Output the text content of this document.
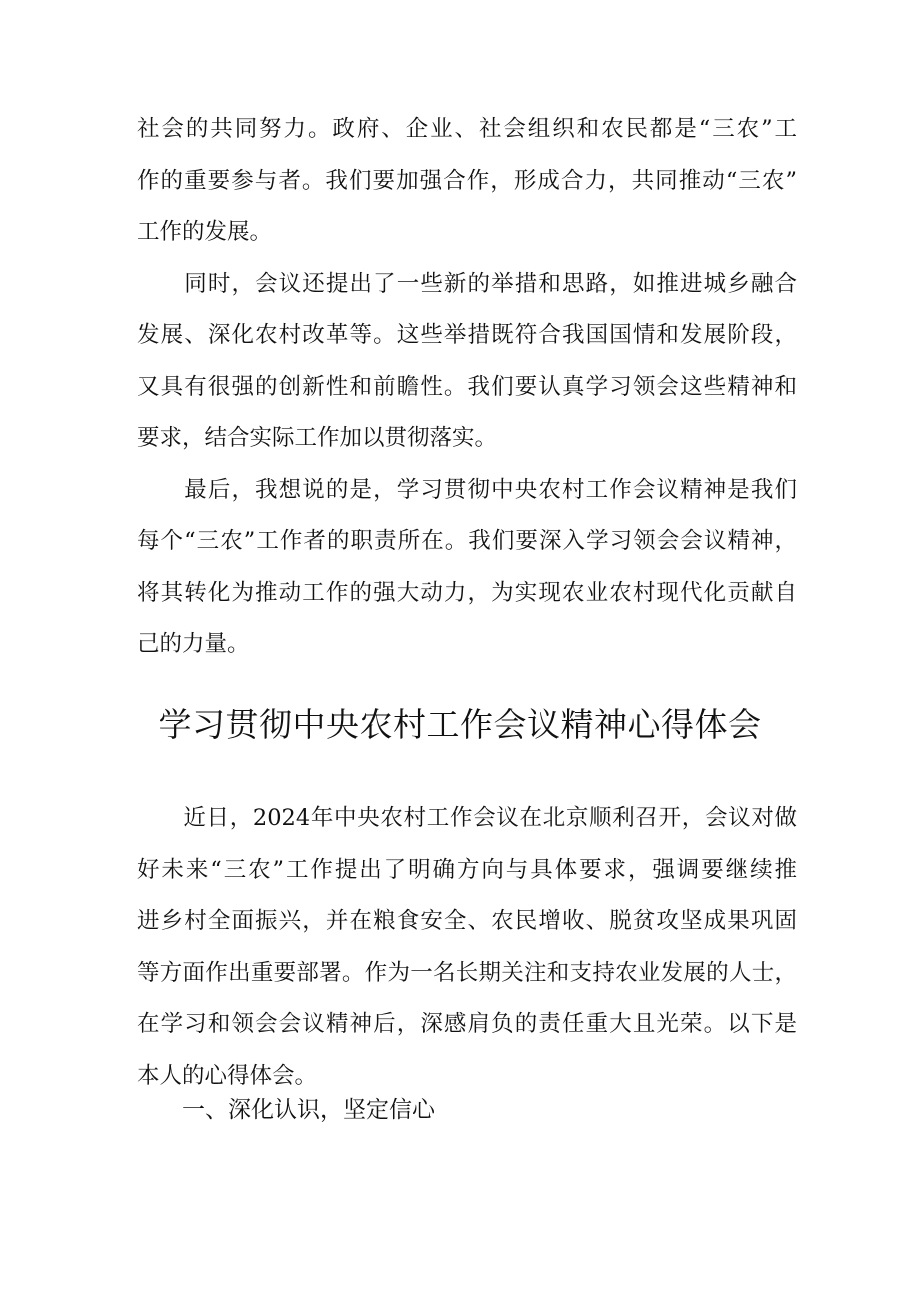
社会的共同努力。政府、企业、社会组织和农民都是“三农”工
作的重要参与者。我们要加强合作，形成合力，共同推动“三农”
工作的发展。
　　同时，会议还提出了一些新的举措和思路，如推进城乡融合
发展、深化农村改革等。这些举措既符合我国国情和发展阶段，
又具有很强的创新性和前瞻性。我们要认真学习领会这些精神和
要求，结合实际工作加以贯彻落实。
　　最后，我想说的是，学习贯彻中央农村工作会议精神是我们
每个“三农”工作者的职责所在。我们要深入学习领会会议精神，
将其转化为推动工作的强大动力，为实现农业农村现代化贡献自
己的力量。
学习贯彻中央农村工作会议精神心得体会
　　近日，2024年中央农村工作会议在北京顺利召开，会议对做
好未来“三农”工作提出了明确方向与具体要求，强调要继续推
进乡村全面振兴，并在粮食安全、农民增收、脱贫攻坚成果巩固
等方面作出重要部署。作为一名长期关注和支持农业发展的人士，
在学习和领会会议精神后，深感肩负的责任重大且光荣。以下是
本人的心得体会。
一、深化认识，坚定信心
